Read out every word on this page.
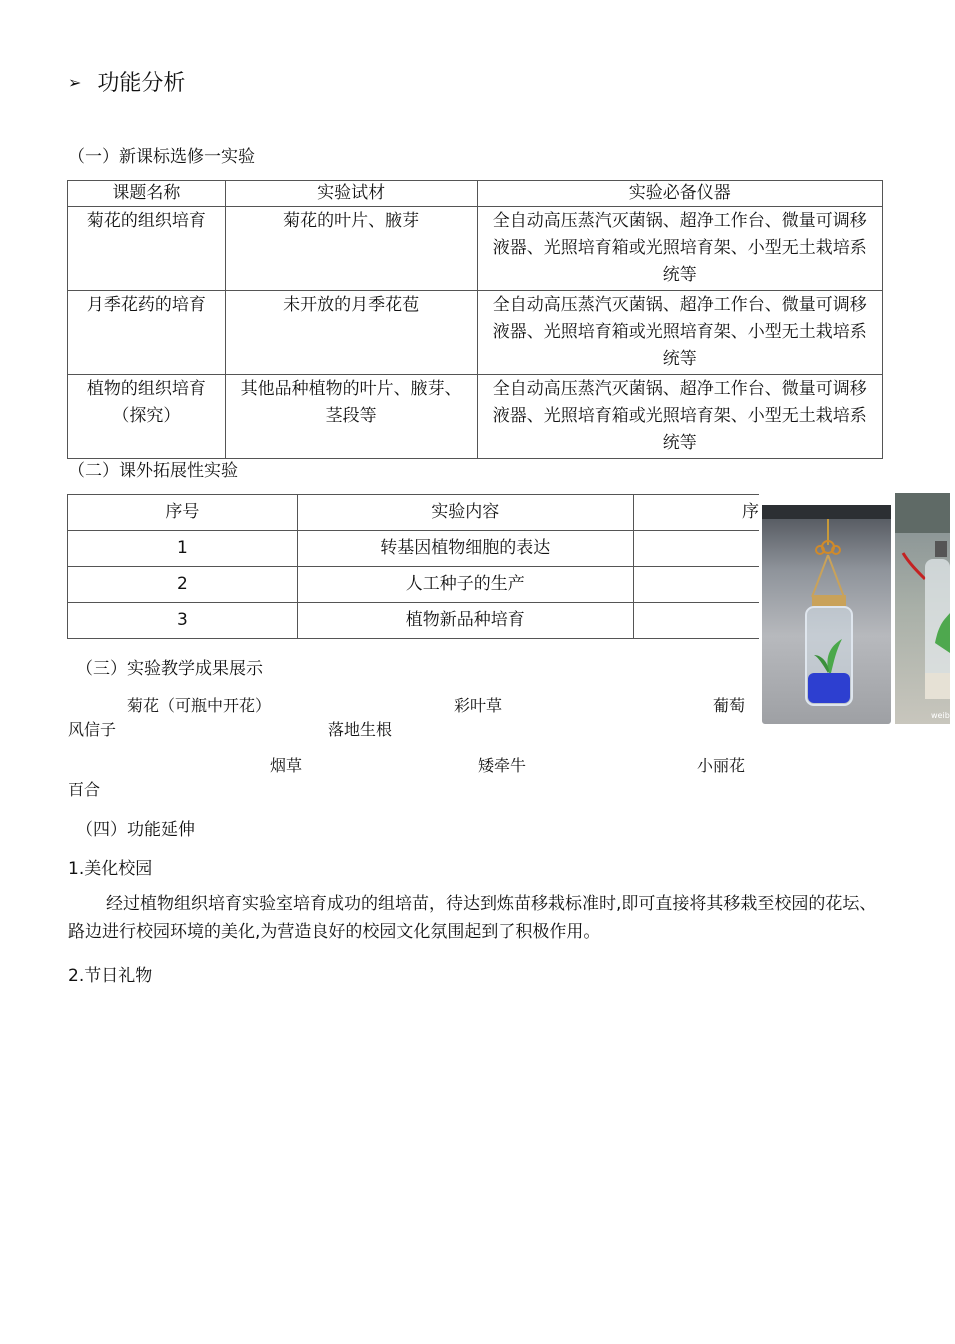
➢ 功能分析
（一）新课标选修一实验
课题名称	实验试材	实验必备仪器
菊花的组织培育	菊花的叶片、腋芽	全自动高压蒸汽灭菌锅、超净工作台、微量可调移液器、光照培育箱或光照培育架、小型无土栽培系统等
月季花药的培育	未开放的月季花苞	全自动高压蒸汽灭菌锅、超净工作台、微量可调移液器、光照培育箱或光照培育架、小型无土栽培系统等
植物的组织培育（探究）	其他品种植物的叶片、腋芽、茎段等	全自动高压蒸汽灭菌锅、超净工作台、微量可调移液器、光照培育箱或光照培育架、小型无土栽培系统等
（二）课外拓展性实验
序号	实验内容	序
1	转基因植物细胞的表达	
2	人工种子的生产	
3	植物新品种培育	
weibo
（三）实验教学成果展示
菊花（可瓶中开花）	彩叶草	葡萄
风信子	落地生根
烟草	矮牵牛	小丽花
百合
（四）功能延伸
1.美化校园
经过植物组织培育实验室培育成功的组培苗，待达到炼苗移栽标准时,即可直接将其移栽至校园的花坛、路边进行校园环境的美化,为营造良好的校园文化氛围起到了积极作用。
2.节日礼物
